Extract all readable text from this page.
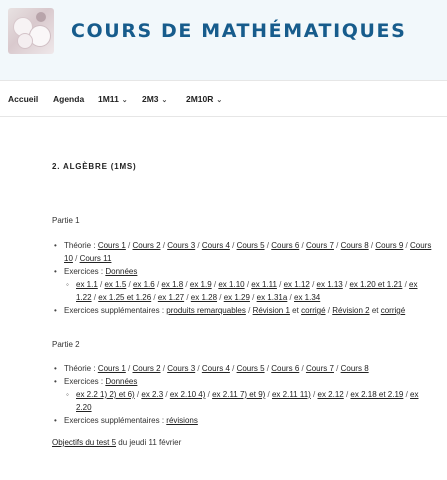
COURS DE MATHÉMATIQUES
Accueil Agenda 1M11 ⌄ 2M3 ⌄ 2M10R ⌄
2. ALGÈBRE (1MS)
Partie 1
• Théorie : Cours 1 / Cours 2 / Cours 3 / Cours 4 / Cours 5 / Cours 6 / Cours 7 / Cours 8 / Cours 9 / Cours 10 / Cours 11
• Exercices : Données
◦ ex 1.1 / ex 1.5 / ex 1.6 / ex 1.8 / ex 1.9 / ex 1.10 / ex 1.11 / ex 1.12 / ex 1.13 / ex 1.20 et 1.21 / ex 1.22 / ex 1.25 et 1.26 / ex 1.27 / ex 1.28 / ex 1.29 / ex 1.31a / ex 1.34
• Exercices supplémentaires : produits remarquables / Révision 1 et corrigé / Révision 2 et corrigé
Partie 2
• Théorie : Cours 1 / Cours 2 / Cours 3 / Cours 4 / Cours 5 / Cours 6 / Cours 7 / Cours 8
• Exercices : Données
◦ ex 2.2 1) 2) et 6) / ex 2.3 / ex 2.10 4) / ex 2.11 7) et 9) / ex 2.11 11) / ex 2.12 / ex 2.18 et 2.19 / ex 2.20
• Exercices supplémentaires : révisions
Objectifs du test 5 du jeudi 11 février
